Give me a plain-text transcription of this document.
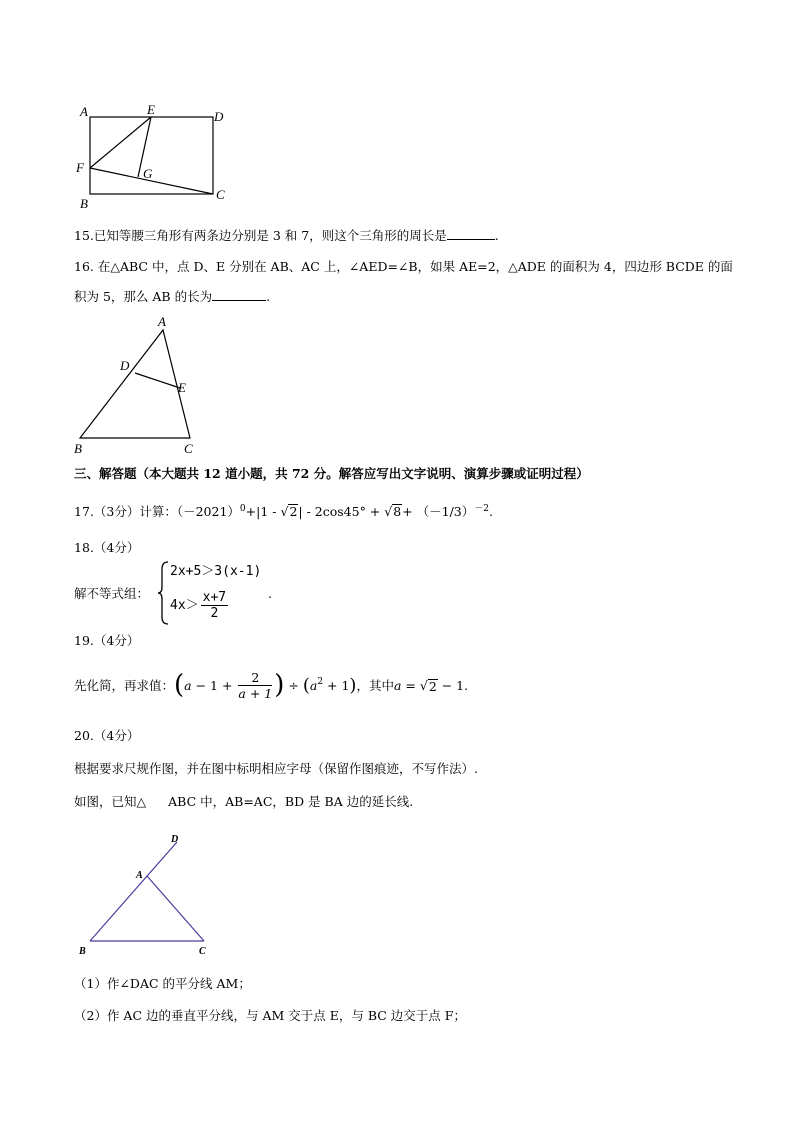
A	E	D
F	G
B
C
15.已知等腰三角形有两条边分别是 3 和 7，则这个三角形的周长是	.
16. 在△ABC 中，点 D、E 分别在 AB、AC 上，∠AED=∠B，如果 AE=2，△ADE 的面积为 4，四边形 BCDE 的面
积为 5，那么 AB 的长为	.
A
D
E
B	C
三、解答题（本大题共 12 道小题，共 72 分。解答应写出文字说明、演算步骤或证明过程）
17.（3分）计算：$(-2021)^0+|1 - √2| - 2\cos 45^\circ + √8+ (-1/3)^{-2}$.
18.（4分）
解不等式组：
2x+5＞3(x-1)
$4x> \frac{x+7}{2}$	.
19.（4分）
先化简，再求值：($a - 1 + \frac{2}{a + 1}$ ) ÷ $(a^2 + 1)$，其中a = √2 − 1.
20.（4分）
根据要求尺规作图，并在图中标明相应字母（保留作图痕迹，不写作法）.
如图，已知△ ABC 中，AB=AC，BD 是 BA 边的延长线.
D
A
B	C
（1）作∠DAC 的平分线 AM；
（2）作 AC 边的垂直平分线，与 AM 交于点 E，与 BC 边交于点 F；
